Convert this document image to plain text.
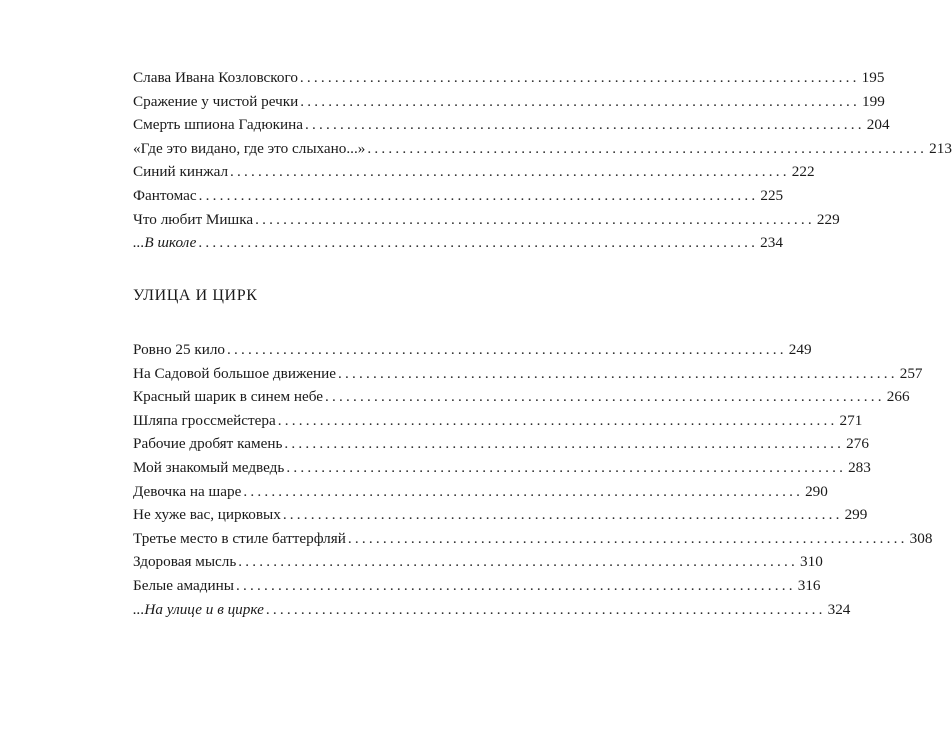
Слава Ивана Козловского ................................................................................ 195
Сражение у чистой речки ................................................................................ 199
Смерть шпиона Гадюкина ................................................................................ 204
«Где это видано, где это слыхано...» ................................................................................ 213
Синий кинжал ................................................................................ 222
Фантомас ................................................................................ 225
Что любит Мишка ................................................................................ 229
...В школе ................................................................................ 234
УЛИЦА И ЦИРК
Ровно 25 кило ................................................................................ 249
На Садовой большое движение ................................................................................ 257
Красный шарик в синем небе ................................................................................ 266
Шляпа гроссмейстера ................................................................................ 271
Рабочие дробят камень ................................................................................ 276
Мой знакомый медведь ................................................................................ 283
Девочка на шаре ................................................................................ 290
Не хуже вас, цирковых ................................................................................ 299
Третье место в стиле баттерфляй ................................................................................ 308
Здоровая мысль ................................................................................ 310
Белые амадины ................................................................................ 316
...На улице и в цирке ................................................................................ 324
